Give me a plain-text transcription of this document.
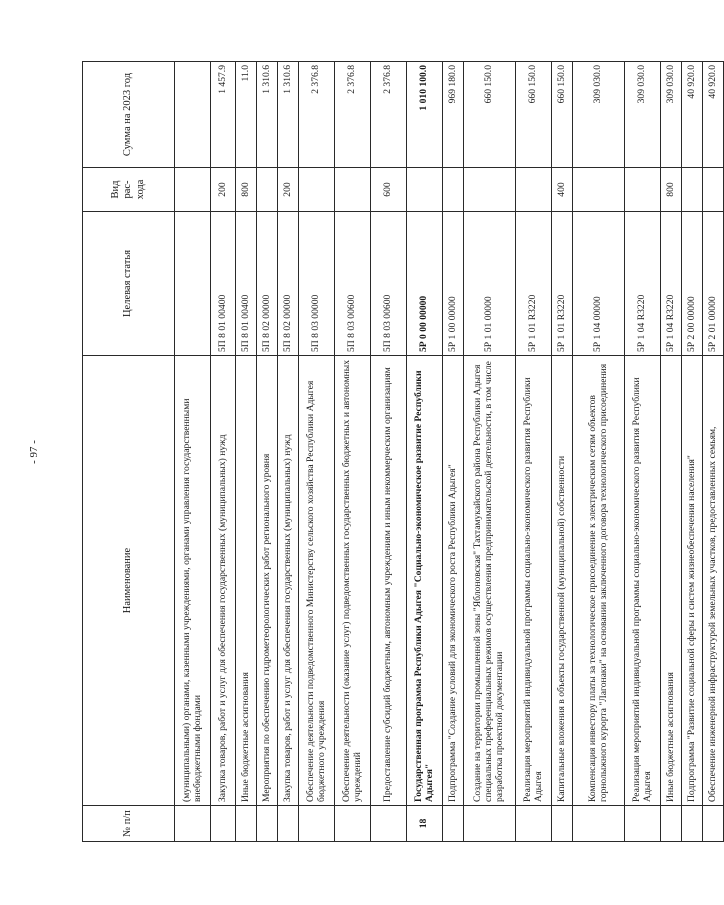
- 97 -
№ п/п	Наименование	Целевая статья	Вид рас-хода	Сумма на 2023 год
	(муниципальными) органами, казенными учреждениями, органами управления государственными внебюджетными фондами			
	Закупка товаров, работ и услуг для обеспечения государственных (муниципальных) нужд	5П 8 01 00400	200	1 457.9
	Иные бюджетные ассигнования	5П 8 01 00400	800	11.0
	Мероприятия по обеспечению гидрометеорологических работ регионального уровня	5П 8 02 00000		1 310.6
	Закупка товаров, работ и услуг для обеспечения государственных (муниципальных) нужд	5П 8 02 00000	200	1 310.6
	Обеспечение деятельности подведомственного Министерству сельского хозяйства Республики Адыгея бюджетного учреждения	5П 8 03 00000		2 376.8
	Обеспечение деятельности (оказание услуг) подведомственных государственных бюджетных и автономных учреждений	5П 8 03 00600		2 376.8
	Предоставление субсидий бюджетным, автономным учреждениям и иным некоммерческим организациям	5П 8 03 00600	600	2 376.8
18	Государственная программа Республики Адыгея "Социально-экономическое развитие Республики Адыгея"	5Р 0 00 00000		1 010 100.0
	Подпрограмма "Создание условий для экономического роста Республики Адыгея"	5Р 1 00 00000		969 180.0
	Создание на территории промышленной зоны "Яблоновская" Тахтамукайского района Республики Адыгея специальных преференциальных режимов осуществления предпринимательской деятельности, в том числе разработка проектной документации	5Р 1 01 00000		660 150.0
	Реализация мероприятий индивидуальной программы социально-экономического развития Республики Адыгея	5Р 1 01 R3220		660 150.0
	Капитальные вложения в объекты государственной (муниципальной) собственности	5Р 1 01 R3220	400	660 150.0
	Компенсация инвестору платы за технологическое присоединение к электрическим сетям объектов горнолыжного курорта "Лагонаки" на основании заключенного договора технологического присоединения	5Р 1 04 00000		309 030.0
	Реализация мероприятий индивидуальной программы социально-экономического развития Республики Адыгея	5Р 1 04 R3220		309 030.0
	Иные бюджетные ассигнования	5Р 1 04 R3220	800	309 030.0
	Подпрограмма "Развитие социальной сферы и систем жизнеобеспечения населения"	5Р 2 00 00000		40 920.0
	Обеспечение инженерной инфраструктурой земельных участков, предоставленных семьям,	5Р 2 01 00000		40 920.0
